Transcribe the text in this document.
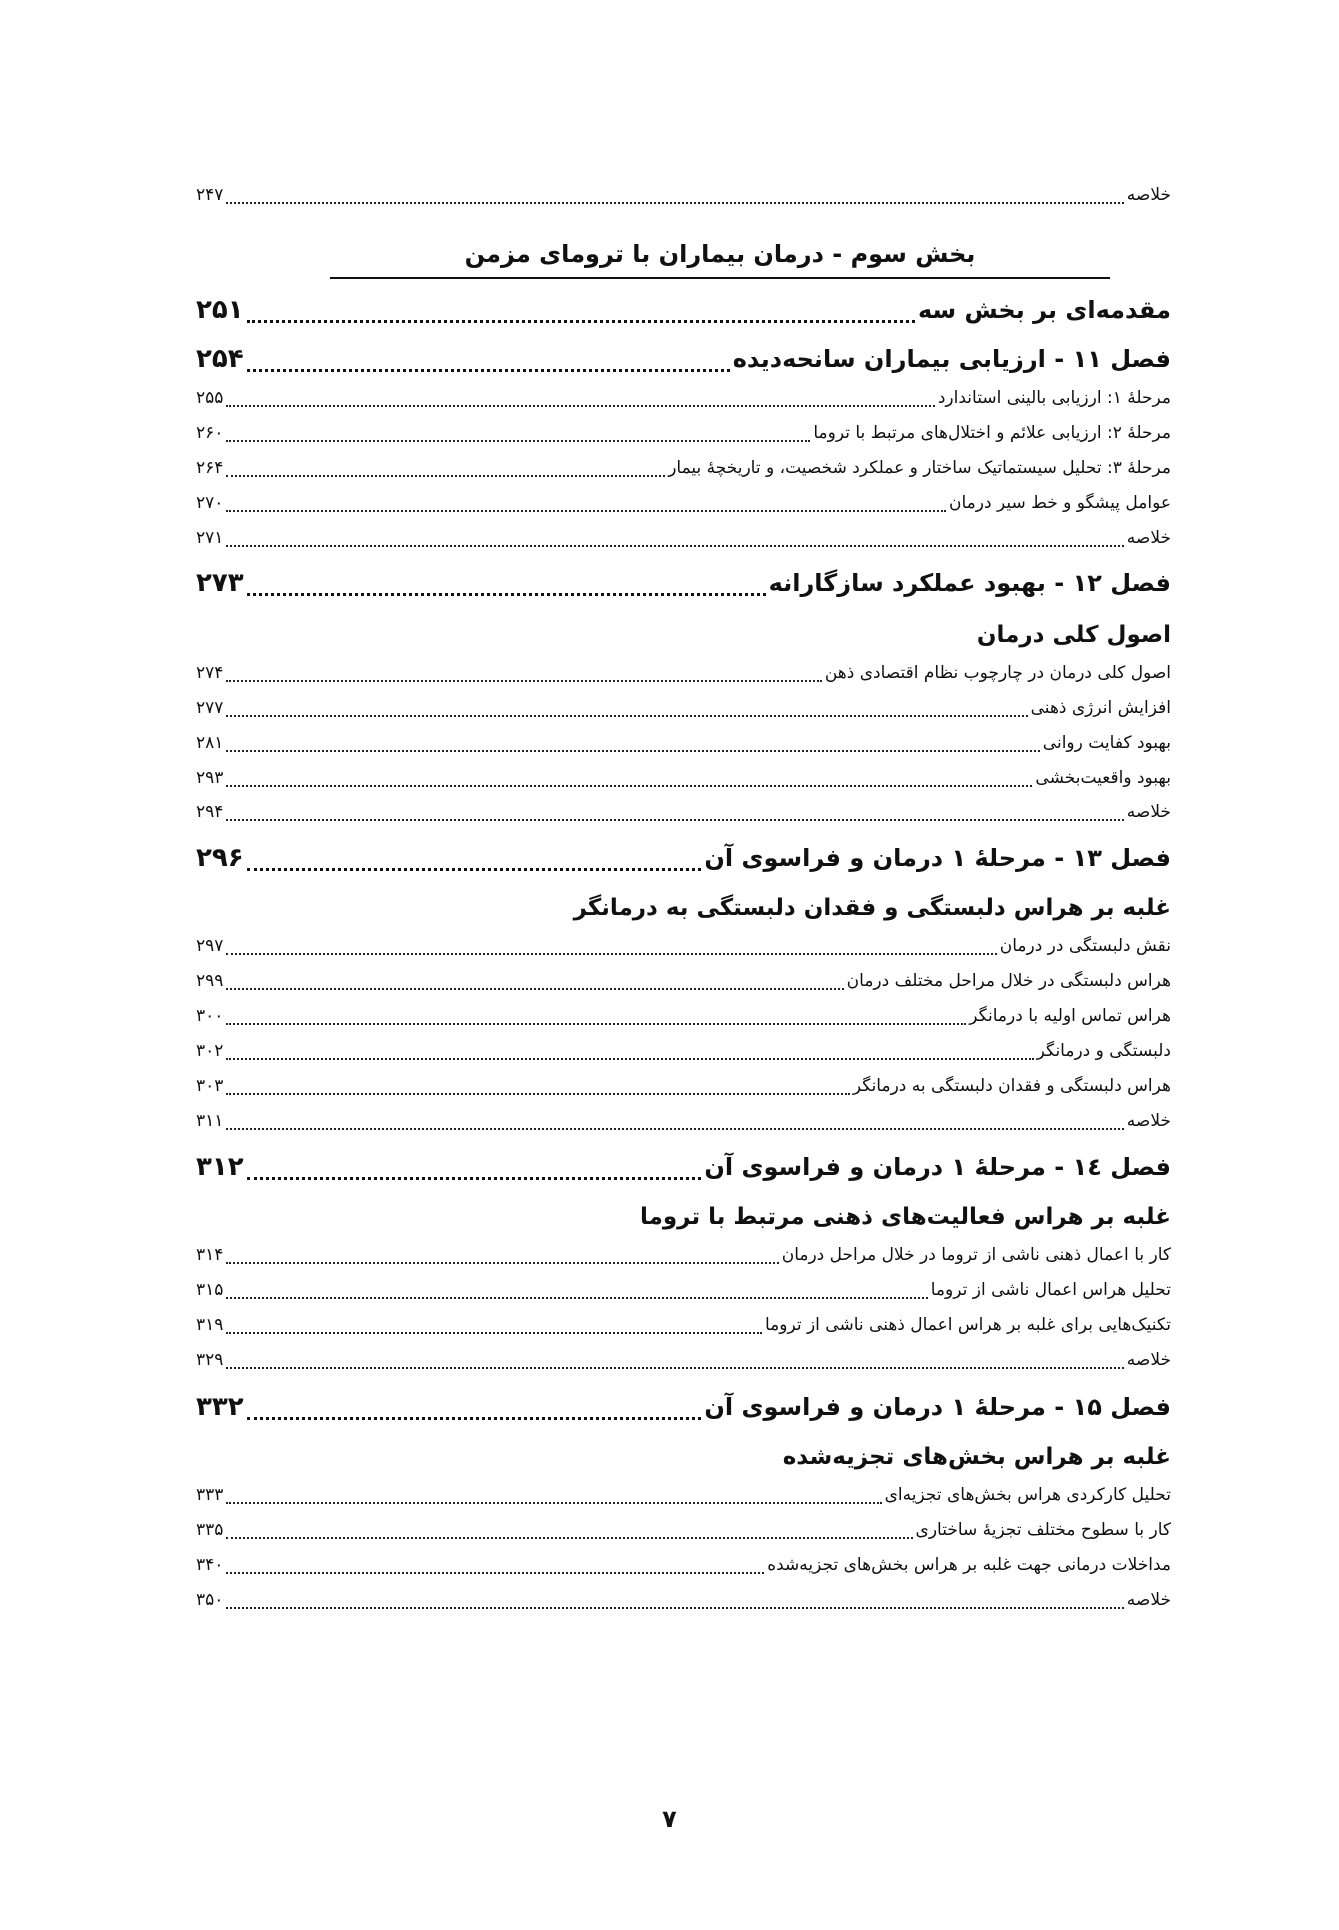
خلاصه
۲۴۷
بخش سوم - درمان بیماران با ترومای مزمن
مقدمه‌ای بر بخش سه
۲۵۱
فصل ۱۱ - ارزیابی بیماران سانحه‌دیده
۲۵۴
مرحلهٔ ۱: ارزیابی بالینی استاندارد
۲۵۵
مرحلهٔ ۲: ارزیابی علائم و اختلال‌های مرتبط با تروما
۲۶۰
مرحلهٔ ۳: تحلیل سیستماتیک ساختار و عملکرد شخصیت، و تاریخچهٔ بیمار
۲۶۴
عوامل پیشگو و خط سیر درمان
۲۷۰
خلاصه
۲۷۱
فصل ۱۲ - بهبود عملکرد سازگارانه
۲۷۳
اصول کلی درمان
اصول کلی درمان در چارچوب نظام اقتصادی ذهن
۲۷۴
افزایش انرژی ذهنی
۲۷۷
بهبود کفایت روانی
۲۸۱
بهبود واقعیت‌بخشی
۲۹۳
خلاصه
۲۹۴
فصل ۱۳ - مرحلهٔ ۱ درمان و فراسوی آن
۲۹۶
غلبه بر هراس دلبستگی و فقدان دلبستگی به درمانگر
نقش دلبستگی در درمان
۲۹۷
هراس دلبستگی در خلال مراحل مختلف درمان
۲۹۹
هراس تماس اولیه با درمانگر
۳۰۰
دلبستگی و درمانگر
۳۰۲
هراس دلبستگی و فقدان دلبستگی به درمانگر
۳۰۳
خلاصه
۳۱۱
فصل ١٤ - مرحلهٔ ۱ درمان و فراسوی آن
۳۱۲
غلبه بر هراس فعالیت‌های ذهنی مرتبط با تروما
کار با اعمال ذهنی ناشی از تروما در خلال مراحل درمان
۳۱۴
تحلیل هراس اعمال ناشی از تروما
۳۱۵
تکنیک‌هایی برای غلبه بر هراس اعمال ذهنی ناشی از تروما
۳۱۹
خلاصه
۳۲۹
فصل ۱۵ - مرحلهٔ ۱ درمان و فراسوی آن
۳۳۲
غلبه بر هراس بخش‌های تجزیه‌شده
تحلیل کارکردی هراس بخش‌های تجزیه‌ای
۳۳۳
کار با سطوح مختلف تجزیهٔ ساختاری
۳۳۵
مداخلات درمانی جهت غلبه بر هراس بخش‌های تجزیه‌شده
۳۴۰
خلاصه
۳۵۰
۷
